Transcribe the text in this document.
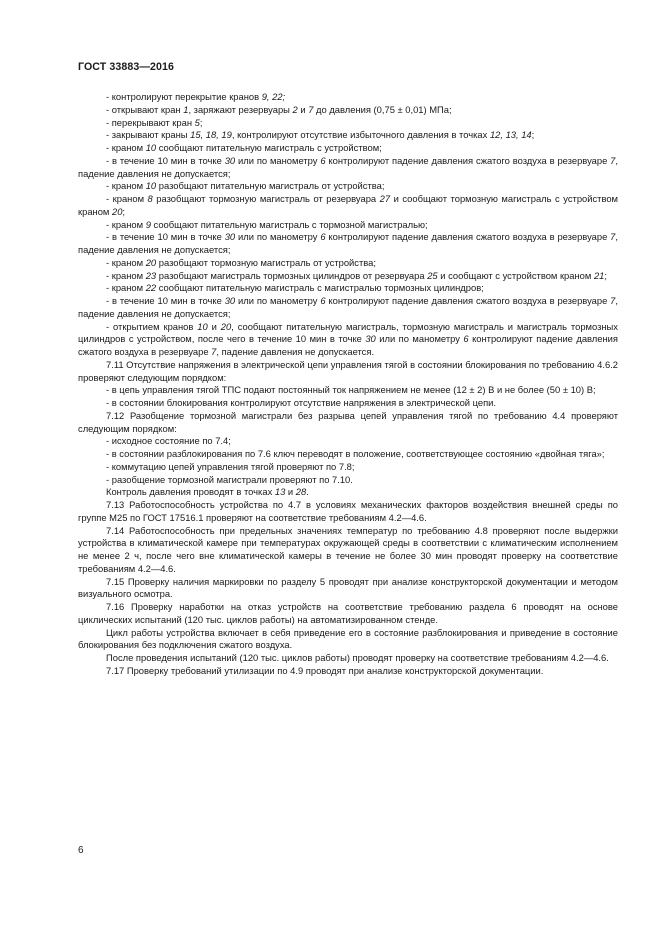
ГОСТ 33883—2016

- контролируют перекрытие кранов 9, 22;

- открывают кран 1, заряжают резервуары 2 и 7 до давления (0,75 ± 0,01) МПа;

- перекрывают кран 5;

- закрывают краны 15, 18, 19, контролируют отсутствие избыточного давления в точках 12, 13, 14;

- краном 10 сообщают питательную магистраль с устройством;

- в течение 10 мин в точке 30 или по манометру 6 контролируют падение давления сжатого воздуха в резервуаре 7, падение давления не допускается;

- краном 10 разобщают питательную магистраль от устройства;

- краном 8 разобщают тормозную магистраль от резервуара 27 и сообщают тормозную магистраль с устройством краном 20;

- краном 9 сообщают питательную магистраль с тормозной магистралью;

- в течение 10 мин в точке 30 или по манометру 6 контролируют падение давления сжатого воздуха в резервуаре 7, падение давления не допускается;

- краном 20 разобщают тормозную магистраль от устройства;

- краном 23 разобщают магистраль тормозных цилиндров от резервуара 25 и сообщают с устройством краном 21;

- краном 22 сообщают питательную магистраль с магистралью тормозных цилиндров;

- в течение 10 мин в точке 30 или по манометру 6 контролируют падение давления сжатого воздуха в резервуаре 7, падение давления не допускается;

- открытием кранов 10 и 20, сообщают питательную магистраль, тормозную магистраль и магистраль тормозных цилиндров с устройством, после чего в течение 10 мин в точке 30 или по манометру 6 контролируют падение давления сжатого воздуха в резервуаре 7, падение давления не допускается.

7.11 Отсутствие напряжения в электрической цепи управления тягой в состоянии блокирования по требованию 4.6.2 проверяют следующим порядком:

- в цепь управления тягой ТПС подают постоянный ток напряжением не менее (12 ± 2) В и не более (50 ± 10) В;

- в состоянии блокирования контролируют отсутствие напряжения в электрической цепи.

7.12 Разобщение тормозной магистрали без разрыва цепей управления тягой по требованию 4.4 проверяют следующим порядком:

- исходное состояние по 7.4;

- в состоянии разблокирования по 7.6 ключ переводят в положение, соответствующее состоянию «двойная тяга»;

- коммутацию цепей управления тягой проверяют по 7.8;

- разобщение тормозной магистрали проверяют по 7.10.

Контроль давления проводят в точках 13 и 28.

7.13 Работоспособность устройства по 4.7 в условиях механических факторов воздействия внешней среды по группе М25 по ГОСТ 17516.1 проверяют на соответствие требованиям 4.2—4.6.

7.14 Работоспособность при предельных значениях температур по требованию 4.8 проверяют после выдержки устройства в климатической камере при температурах окружающей среды в соответствии с климатическим исполнением не менее 2 ч, после чего вне климатической камеры в течение не более 30 мин проводят проверку на соответствие требованиям 4.2—4.6.

7.15 Проверку наличия маркировки по разделу 5 проводят при анализе конструкторской документации и методом визуального осмотра.

7.16 Проверку наработки на отказ устройств на соответствие требованию раздела 6 проводят на основе циклических испытаний (120 тыс. циклов работы) на автоматизированном стенде.

Цикл работы устройства включает в себя приведение его в состояние разблокирования и приведение в состояние блокирования без подключения сжатого воздуха.

После проведения испытаний (120 тыс. циклов работы) проводят проверку на соответствие требованиям 4.2—4.6.

7.17 Проверку требований утилизации по 4.9 проводят при анализе конструкторской документации.

6
